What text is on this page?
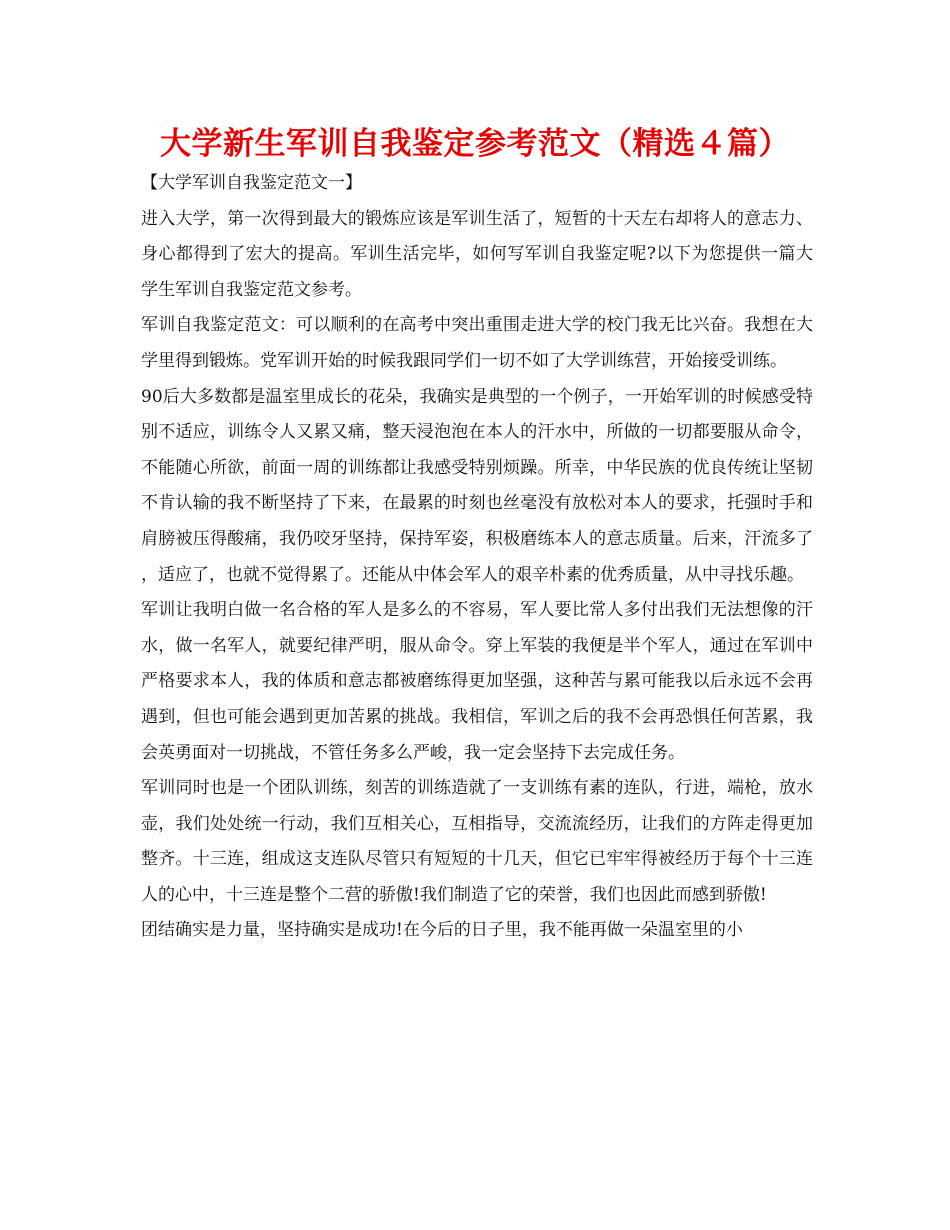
大学新生军训自我鉴定参考范文（精选４篇）

【大学军训自我鉴定范文一】

进入大学，第一次得到最大的锻炼应该是军训生活了，短暂的十天左右却将人的意志力、身心都得到了宏大的提高。军训生活完毕，如何写军训自我鉴定呢?以下为您提供一篇大学生军训自我鉴定范文参考。

军训自我鉴定范文：可以顺利的在高考中突出重围走进大学的校门我无比兴奋。我想在大学里得到锻炼。党军训开始的时候我跟同学们一切不如了大学训练营，开始接受训练。

90后大多数都是温室里成长的花朵，我确实是典型的一个例子，一开始军训的时候感受特别不适应，训练令人又累又痛，整天浸泡泡在本人的汗水中，所做的一切都要服从命令，不能随心所欲，前面一周的训练都让我感受特别烦躁。所幸，中华民族的优良传统让坚韧不肯认输的我不断坚持了下来，在最累的时刻也丝毫没有放松对本人的要求，托强时手和肩膀被压得酸痛，我仍咬牙坚持，保持军姿，积极磨练本人的意志质量。后来，汗流多了，适应了，也就不觉得累了。还能从中体会军人的艰辛朴素的优秀质量，从中寻找乐趣。

军训让我明白做一名合格的军人是多么的不容易，军人要比常人多付出我们无法想像的汗水，做一名军人，就要纪律严明，服从命令。穿上军装的我便是半个军人，通过在军训中严格要求本人，我的体质和意志都被磨练得更加坚强，这种苦与累可能我以后永远不会再遇到，但也可能会遇到更加苦累的挑战。我相信，军训之后的我不会再恐惧任何苦累，我会英勇面对一切挑战，不管任务多么严峻，我一定会坚持下去完成任务。

军训同时也是一个团队训练，刻苦的训练造就了一支训练有素的连队，行进，端枪，放水壶，我们处处统一行动，我们互相关心，互相指导，交流流经历，让我们的方阵走得更加整齐。十三连，组成这支连队尽管只有短短的十几天，但它已牢牢得被经历于每个十三连人的心中，十三连是整个二营的骄傲!我们制造了它的荣誉，我们也因此而感到骄傲!

团结确实是力量，坚持确实是成功!在今后的日子里，我不能再做一朵温室里的小
